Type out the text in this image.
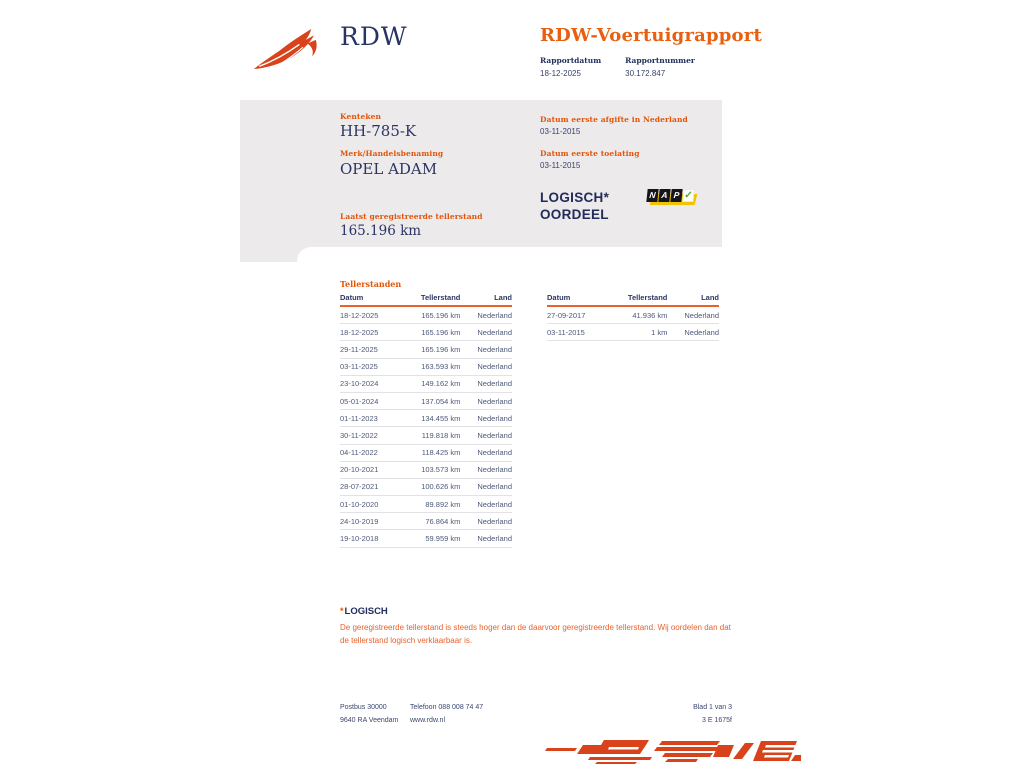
RDW	RDW-Voertuigrapport
Rapportdatum
18-12-2025
Rapportnummer
30.172.847
Kenteken
HH-785-K
Merk/Handelsbenaming
OPEL ADAM
Laatst geregistreerde tellerstand
165.196 km
Datum eerste afgifte in Nederland
03-11-2015
Datum eerste toelating
03-11-2015
LOGISCH*
OORDEEL
N A P ✓
Tellerstanden
Datum	Tellerstand	Land
18-12-2025	165.196 km	Nederland
18-12-2025	165.196 km	Nederland
29-11-2025	165.196 km	Nederland
03-11-2025	163.593 km	Nederland
23-10-2024	149.162 km	Nederland
05-01-2024	137.054 km	Nederland
01-11-2023	134.455 km	Nederland
30-11-2022	119.818 km	Nederland
04-11-2022	118.425 km	Nederland
20-10-2021	103.573 km	Nederland
28-07-2021	100.626 km	Nederland
01-10-2020	89.892 km	Nederland
24-10-2019	76.864 km	Nederland
19-10-2018	59.959 km	Nederland
Datum	Tellerstand	Land
27-09-2017	41.936 km	Nederland
03-11-2015	1 km	Nederland
*LOGISCH
De geregistreerde tellerstand is steeds hoger dan de daarvoor geregistreerde tellerstand. Wij oordelen dan dat de tellerstand logisch verklaarbaar is.
Postbus 30000
9640 RA Veendam
Telefoon 088 008 74 47
www.rdw.nl
Blad 1 van 3
3 E 1675f
